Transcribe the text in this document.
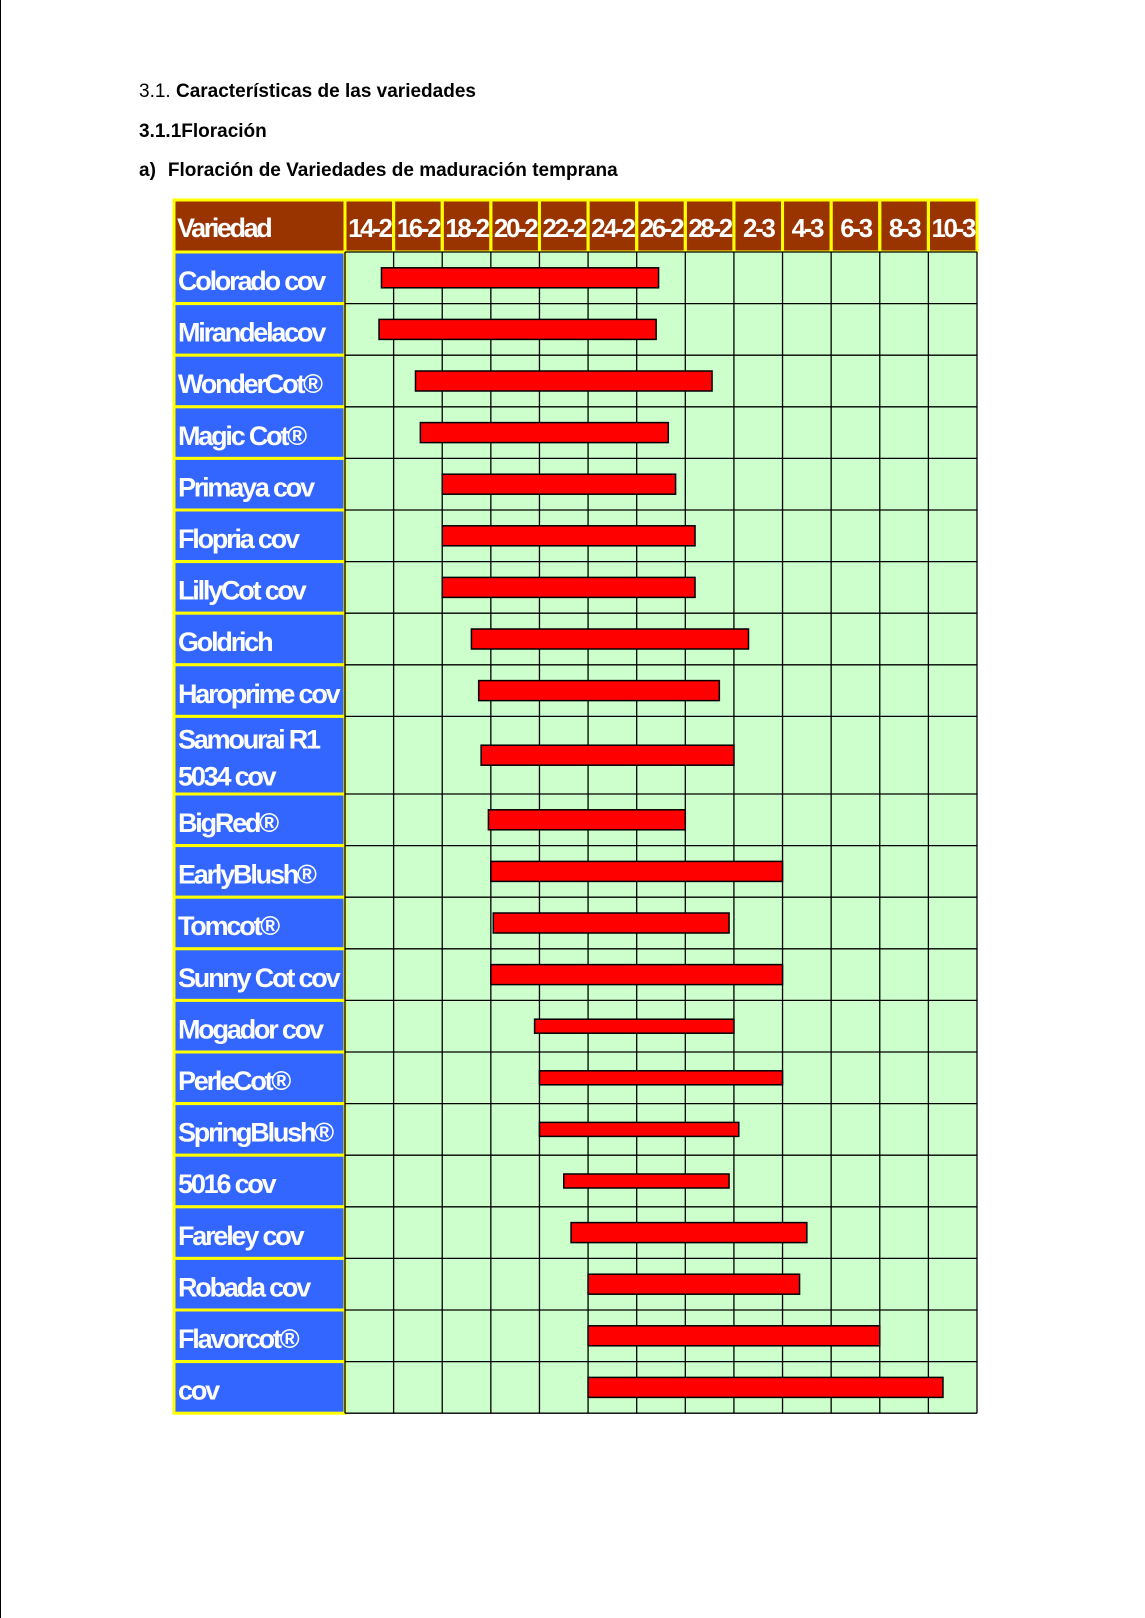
3.1. Características de las variedades
3.1.1Floración
a) Floración de Variedades de maduración temprana
Variedad	14-2 16-2 18-2 20-2 22-2 24-2 26-2 28-2 2-3 4-3 6-3 8-3 10-3
Colorado cov
Mirandelacov
WonderCot®
Magic Cot®
Primaya cov
Flopria cov
LillyCot cov
Goldrich
Haroprime cov
Samourai R1
5034 cov
BigRed®
EarlyBlush®
Tomcot®
Sunny Cot cov
Mogador cov
PerleCot®
SpringBlush®
5016 cov
Fareley cov
Robada cov
Flavorcot®
cov
